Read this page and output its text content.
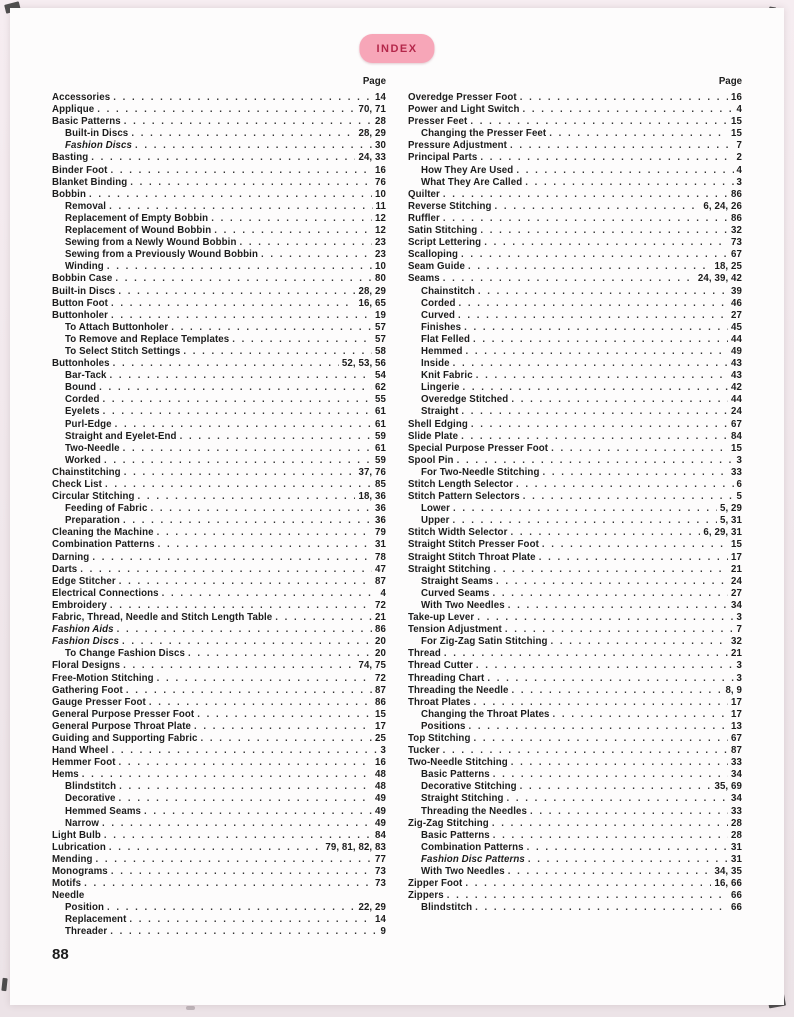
INDEX
Page
Accessories . . .	14
Applique . . .	70, 71
Basic Patterns . . .	28
Built-in Discs . . .	28, 29
Fashion Discs . . .	30
Basting . . .	24, 33
Binder Foot . . .	16
Blanket Binding . . .	76
Bobbin . . .	10
Removal . . .	11
Replacement of Empty Bobbin . . .	12
Replacement of Wound Bobbin . . .	12
Sewing from a Newly Wound Bobbin . . .	23
Sewing from a Previously Wound Bobbin . . .	23
Winding . . .	10
Bobbin Case . . .	80
Built-in Discs . . .	28, 29
Button Foot . . .	16, 65
Buttonholer . . .	19
To Attach Buttonholer . . .	57
To Remove and Replace Templates . . .	57
To Select Stitch Settings . . .	58
Buttonholes . . .	52, 53, 56
Bar-Tack . . .	54
Bound . . .	62
Corded . . .	55
Eyelets . . .	61
Purl-Edge . . .	61
Straight and Eyelet-End . . .	59
Two-Needle . . .	61
Worked . . .	59
Chainstitching . . .	37, 76
Check List . . .	85
Circular Stitching . . .	18, 36
Feeding of Fabric . . .	36
Preparation . . .	36
Cleaning the Machine . . .	79
Combination Patterns . . .	31
Darning . . .	78
Darts . . .	47
Edge Stitcher . . .	87
Electrical Connections . . .	4
Embroidery . . .	72
Fabric, Thread, Needle and Stitch Length Table . . .	21
Fashion Aids . . .	86
Fashion Discs . . .	20
To Change Fashion Discs . . .	20
Floral Designs . . .	74, 75
Free-Motion Stitching . . .	72
Gathering Foot . . .	87
Gauge Presser Foot . . .	86
General Purpose Presser Foot . . .	15
General Purpose Throat Plate . . .	17
Guiding and Supporting Fabric . . .	25
Hand Wheel . . .	3
Hemmer Foot . . .	16
Hems . . .	48
Blindstitch . . .	48
Decorative . . .	49
Hemmed Seams . . .	49
Narrow . . .	49
Light Bulb . . .	84
Lubrication . . .	79, 81, 82, 83
Mending . . .	77
Monograms . . .	73
Motifs . . .	73
Needle
Position . . .	22, 29
Replacement . . .	14
Threader . . .	9
Page
Overedge Presser Foot . . .	16
Power and Light Switch . . .	4
Presser Feet . . .	15
Changing the Presser Feet . . .	15
Pressure Adjustment . . .	7
Principal Parts . . .	2
How They Are Used . . .	4
What They Are Called . . .	3
Quilter . . .	86
Reverse Stitching . . .	6, 24, 26
Ruffler . . .	86
Satin Stitching . . .	32
Script Lettering . . .	73
Scalloping . . .	67
Seam Guide . . .	18, 25
Seams . . .	24, 39, 42
Chainstitch . . .	39
Corded . . .	46
Curved . . .	27
Finishes . . .	45
Flat Felled . . .	44
Hemmed . . .	49
Inside . . .	43
Knit Fabric . . .	43
Lingerie . . .	42
Overedge Stitched . . .	44
Straight . . .	24
Shell Edging . . .	67
Slide Plate . . .	84
Special Purpose Presser Foot . . .	15
Spool Pin . . .	3
For Two-Needle Stitching . . .	33
Stitch Length Selector . . .	6
Stitch Pattern Selectors . . .	5
Lower . . .	5, 29
Upper . . .	5, 31
Stitch Width Selector . . .	6, 29, 31
Straight Stitch Presser Foot . . .	15
Straight Stitch Throat Plate . . .	17
Straight Stitching . . .	21
Straight Seams . . .	24
Curved Seams . . .	27
With Two Needles . . .	34
Take-up Lever . . .	3
Tension Adjustment . . .	7
For Zig-Zag Satin Stitching . . .	32
Thread . . .	21
Thread Cutter . . .	3
Threading Chart . . .	3
Threading the Needle . . .	8, 9
Throat Plates . . .	17
Changing the Throat Plates . . .	17
Positions . . .	13
Top Stitching . . .	67
Tucker . . .	87
Two-Needle Stitching . . .	33
Basic Patterns . . .	34
Decorative Stitching . . .	35, 69
Straight Stitching . . .	34
Threading the Needles . . .	33
Zig-Zag Stitching . . .	28
Basic Patterns . . .	28
Combination Patterns . . .	31
Fashion Disc Patterns . . .	31
With Two Needles . . .	34, 35
Zipper Foot . . .	16, 66
Zippers . . .	66
Blindstitch . . .	66
88
